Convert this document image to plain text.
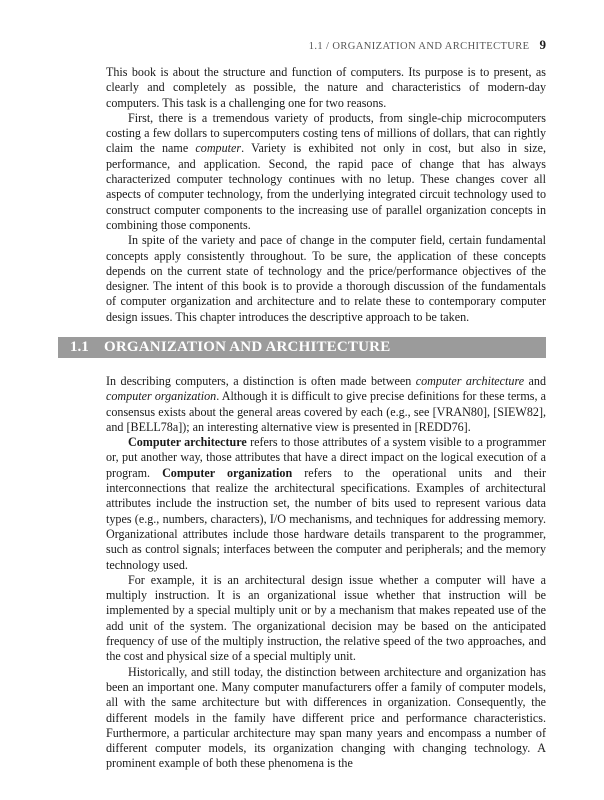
1.1 / ORGANIZATION AND ARCHITECTURE 9

This book is about the structure and function of computers. Its purpose is to present, as clearly and completely as possible, the nature and characteristics of modern-day computers. This task is a challenging one for two reasons.

First, there is a tremendous variety of products, from single-chip microcomputers costing a few dollars to supercomputers costing tens of millions of dollars, that can rightly claim the name computer. Variety is exhibited not only in cost, but also in size, performance, and application. Second, the rapid pace of change that has always characterized computer technology continues with no letup. These changes cover all aspects of computer technology, from the underlying integrated circuit technology used to construct computer components to the increasing use of parallel organization concepts in combining those components.

In spite of the variety and pace of change in the computer field, certain fundamental concepts apply consistently throughout. To be sure, the application of these concepts depends on the current state of technology and the price/performance objectives of the designer. The intent of this book is to provide a thorough discussion of the fundamentals of computer organization and architecture and to relate these to contemporary computer design issues. This chapter introduces the descriptive approach to be taken.

1.1	ORGANIZATION AND ARCHITECTURE

In describing computers, a distinction is often made between computer architecture and computer organization. Although it is difficult to give precise definitions for these terms, a consensus exists about the general areas covered by each (e.g., see [VRAN80], [SIEW82], and [BELL78a]); an interesting alternative view is presented in [REDD76].

Computer architecture refers to those attributes of a system visible to a programmer or, put another way, those attributes that have a direct impact on the logical execution of a program. Computer organization refers to the operational units and their interconnections that realize the architectural specifications. Examples of architectural attributes include the instruction set, the number of bits used to represent various data types (e.g., numbers, characters), I/O mechanisms, and techniques for addressing memory. Organizational attributes include those hardware details transparent to the programmer, such as control signals; interfaces between the computer and peripherals; and the memory technology used.

For example, it is an architectural design issue whether a computer will have a multiply instruction. It is an organizational issue whether that instruction will be implemented by a special multiply unit or by a mechanism that makes repeated use of the add unit of the system. The organizational decision may be based on the anticipated frequency of use of the multiply instruction, the relative speed of the two approaches, and the cost and physical size of a special multiply unit.

Historically, and still today, the distinction between architecture and organization has been an important one. Many computer manufacturers offer a family of computer models, all with the same architecture but with differences in organization. Consequently, the different models in the family have different price and performance characteristics. Furthermore, a particular architecture may span many years and encompass a number of different computer models, its organization changing with changing technology. A prominent example of both these phenomena is the
